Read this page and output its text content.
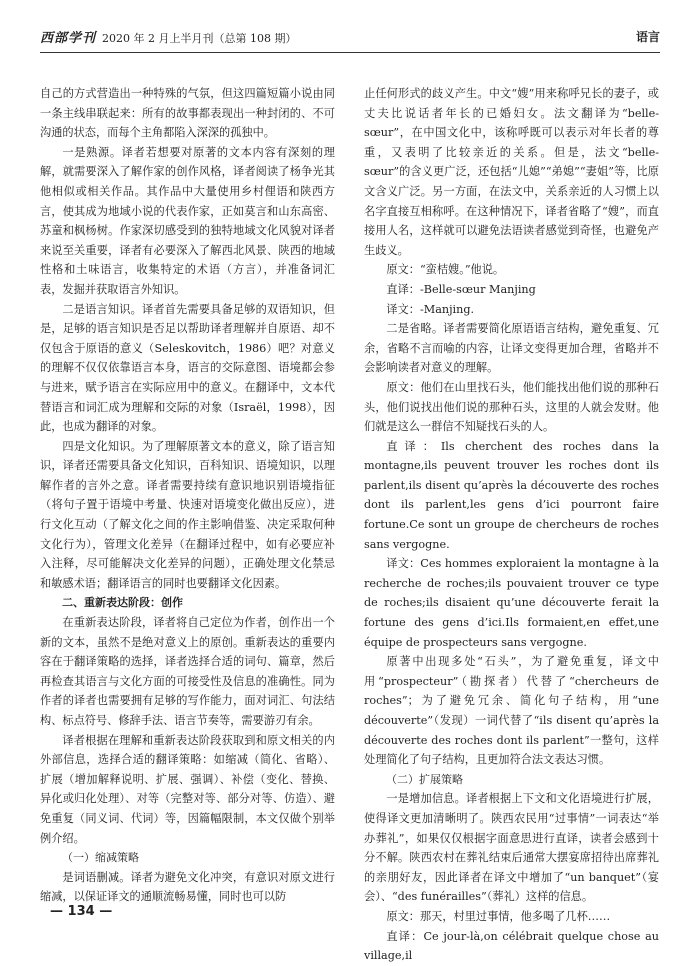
西部学刊 2020 年 2 月上半月刊（总第 108 期）	语言

自己的方式营造出一种特殊的气氛，但这四篇短篇小说由同一条主线串联起来：所有的故事都表现出一种封闭的、不可沟通的状态，而每个主角都陷入深深的孤独中。

一是熟源。译者若想要对原著的文本内容有深刻的理解，就需要深入了解作家的创作风格，译者阅读了杨争光其他相似或相关作品。其作品中大量使用乡村俚语和陕西方言，使其成为地域小说的代表作家，正如莫言和山东高密、苏童和枫杨树。作家深切感受到的独特地域文化风貌对译者来说至关重要，译者有必要深入了解西北风景、陕西的地域性格和土味语言，收集特定的术语（方言），并准备词汇表，发掘并获取语言外知识。

二是语言知识。译者首先需要具备足够的双语知识，但是，足够的语言知识是否足以帮助译者理解并自原语、却不仅包含于原语的意义（Seleskovitch，1986）吧？对意义的理解不仅仅依靠语言本身，语言的交际意图、语境都会参与进来，赋予语言在实际应用中的意义。在翻译中，文本代替语言和词汇成为理解和交际的对象（Israël，1998），因此，也成为翻译的对象。

四是文化知识。为了理解原著文本的意义，除了语言知识，译者还需要具备文化知识，百科知识、语境知识，以理解作者的言外之意。译者需要持续有意识地识别语境指征（将句子置于语境中考量、快速对语境变化做出反应），进行文化互动（了解文化之间的作主影响借鉴、决定采取何种文化行为），管理文化差异（在翻译过程中，如有必要应补入注释，尽可能解决文化差异的问题），正确处理文化禁忌和敏感术语；翻译语言的同时也要翻译文化因素。

二、重新表达阶段：创作

在重新表达阶段，译者将自己定位为作者，创作出一个新的文本，虽然不是绝对意义上的原创。重新表达的重要内容在于翻译策略的选择，译者选择合适的词句、篇章，然后再检查其语言与文化方面的可接受性及信息的准确性。同为作者的译者也需要拥有足够的写作能力，面对词汇、句法结构、标点符号、修辞手法、语言节奏等，需要游刃有余。

译者根据在理解和重新表达阶段获取到和原文相关的内外部信息，选择合适的翻译策略：如缩减（简化、省略）、扩展（增加解释说明、扩展、强调）、补偿（变化、替换、异化或归化处理）、对等（完整对等、部分对等、仿造）、避免重复（同义词、代词）等，因篇幅限制，本文仅做个别举例介绍。

（一）缩减策略

是词语删减。译者为避免文化冲突，有意识对原文进行缩减，以保证译文的通顺流畅易懂，同时也可以防

止任何形式的歧义产生。中文“嫂”用来称呼兄长的妻子，或丈夫比说话者年长的已婚妇女。法文翻译为“belle-sœur”，在中国文化中，该称呼既可以表示对年长者的尊重，又表明了比较亲近的关系。但是，法文“belle-sœur”的含义更广泛，还包括“儿媳”“弟媳”“妻姐”等，比原文含义广泛。另一方面，在法文中，关系亲近的人习惯上以名字直接互相称呼。在这种情况下，译者省略了“嫂”，而直接用人名，这样就可以避免法语读者感觉到奇怪，也避免产生歧义。

原文：“蛮桔嫂。”他说。

直译：-Belle-sœur Manjing

译文：-Manjing.

二是省略。译者需要简化原语语言结构，避免重复、冗余，省略不言而喻的内容，让译文变得更加合理，省略并不会影响读者对意义的理解。

原文：他们在山里找石头，他们能找出他们说的那种石头，他们说找出他们说的那种石头，这里的人就会发财。他们就是这么一群信不知疑找石头的人。

直译：Ils cherchent des roches dans la montagne,ils peuvent trouver les roches dont ils parlent,ils disent qu’après la découverte des roches dont ils parlent,les gens d’ici pourront faire fortune.Ce sont un groupe de chercheurs de roches sans vergogne.

译文：Ces hommes exploraient la montagne à la recherche de roches;ils pouvaient trouver ce type de roches;ils disaient qu’une découverte ferait la fortune des gens d’ici.Ils formaient,en effet,une équipe de prospecteurs sans vergogne.

原著中出现多处“石头”，为了避免重复，译文中用“prospecteur”（勘探者）代替了“chercheurs de roches”；为了避免冗余、简化句子结构，用“une découverte”（发现）一词代替了“ils disent qu’après la découverte des roches dont ils parlent”一整句，这样处理简化了句子结构，且更加符合法文表达习惯。

（二）扩展策略

一是增加信息。译者根据上下文和文化语境进行扩展，使得译文更加清晰明了。陕西农民用“过事情”一词表达“举办葬礼”，如果仅仅根据字面意思进行直译，读者会感到十分不解。陕西农村在葬礼结束后通常大摆宴席招待出席葬礼的亲朋好友，因此译者在译文中增加了“un banquet”（宴会）、“des funérailles”（葬礼）这样的信息。

原文：那天，村里过事情，他多喝了几杯……

直译：Ce jour-là,on célébrait quelque chose au village,il

— 134 —
